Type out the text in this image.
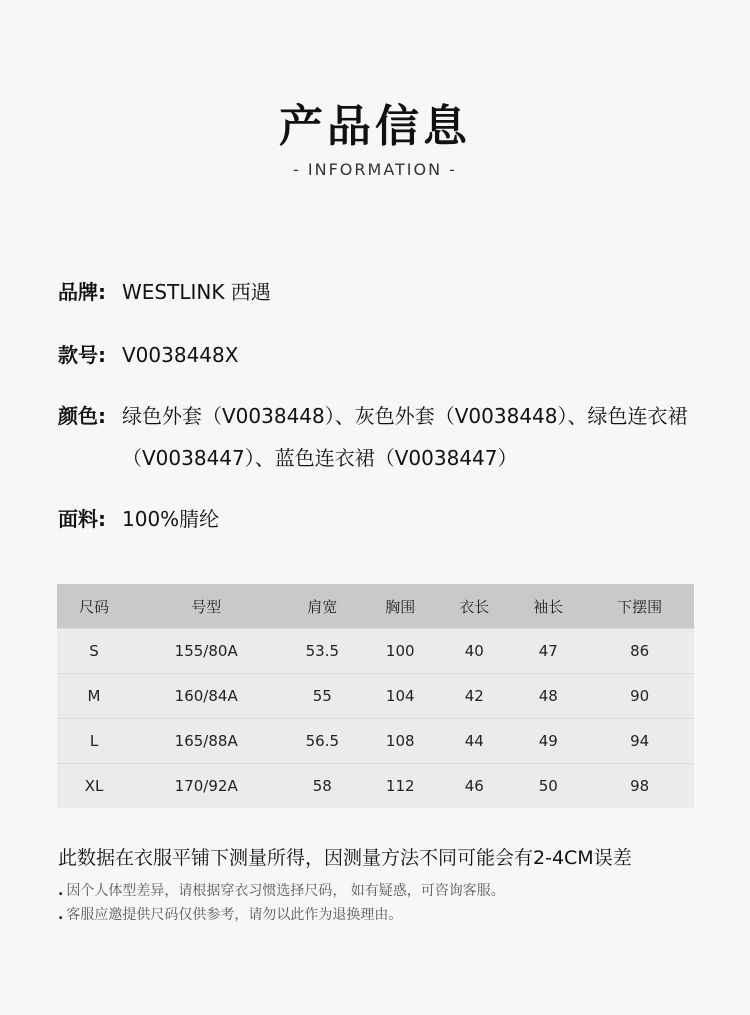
产品信息
- INFORMATION -
品牌: WESTLINK 西遇
款号: V0038448X
颜色: 绿色外套（V0038448）、灰色外套（V0038448）、绿色连衣裙（V0038447）、蓝色连衣裙（V0038447）
面料: 100%腈纶
尺码	号型	肩宽	胸围	衣长	袖长	下摆围
S	155/80A	53.5	100	40	47	86
M	160/84A	55	104	42	48	90
L	165/88A	56.5	108	44	49	94
XL	170/92A	58	112	46	50	98
此数据在衣服平铺下测量所得，因测量方法不同可能会有2-4CM误差
. 因个人体型差异，请根据穿衣习惯选择尺码， 如有疑惑，可咨询客服。
. 客服应邀提供尺码仅供参考，请勿以此作为退换理由。
